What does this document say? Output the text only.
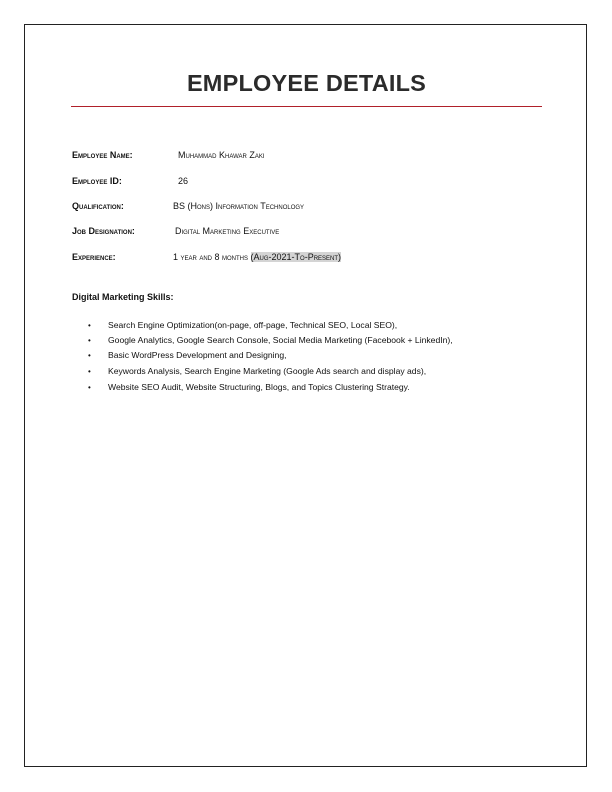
EMPLOYEE DETAILS
Employee Name:	Muhammad Khawar Zaki
Employee ID:	26
Qualification:	BS (Hons) Information Technology
Job Designation:	Digital Marketing Executive
Experience:	1 year and 8 months (Aug-2021-To-Present)
Digital Marketing Skills:
• Search Engine Optimization(on-page, off-page, Technical SEO, Local SEO),
• Google Analytics, Google Search Console, Social Media Marketing (Facebook + LinkedIn),
• Basic WordPress Development and Designing,
• Keywords Analysis, Search Engine Marketing (Google Ads search and display ads),
• Website SEO Audit, Website Structuring, Blogs, and Topics Clustering Strategy.
